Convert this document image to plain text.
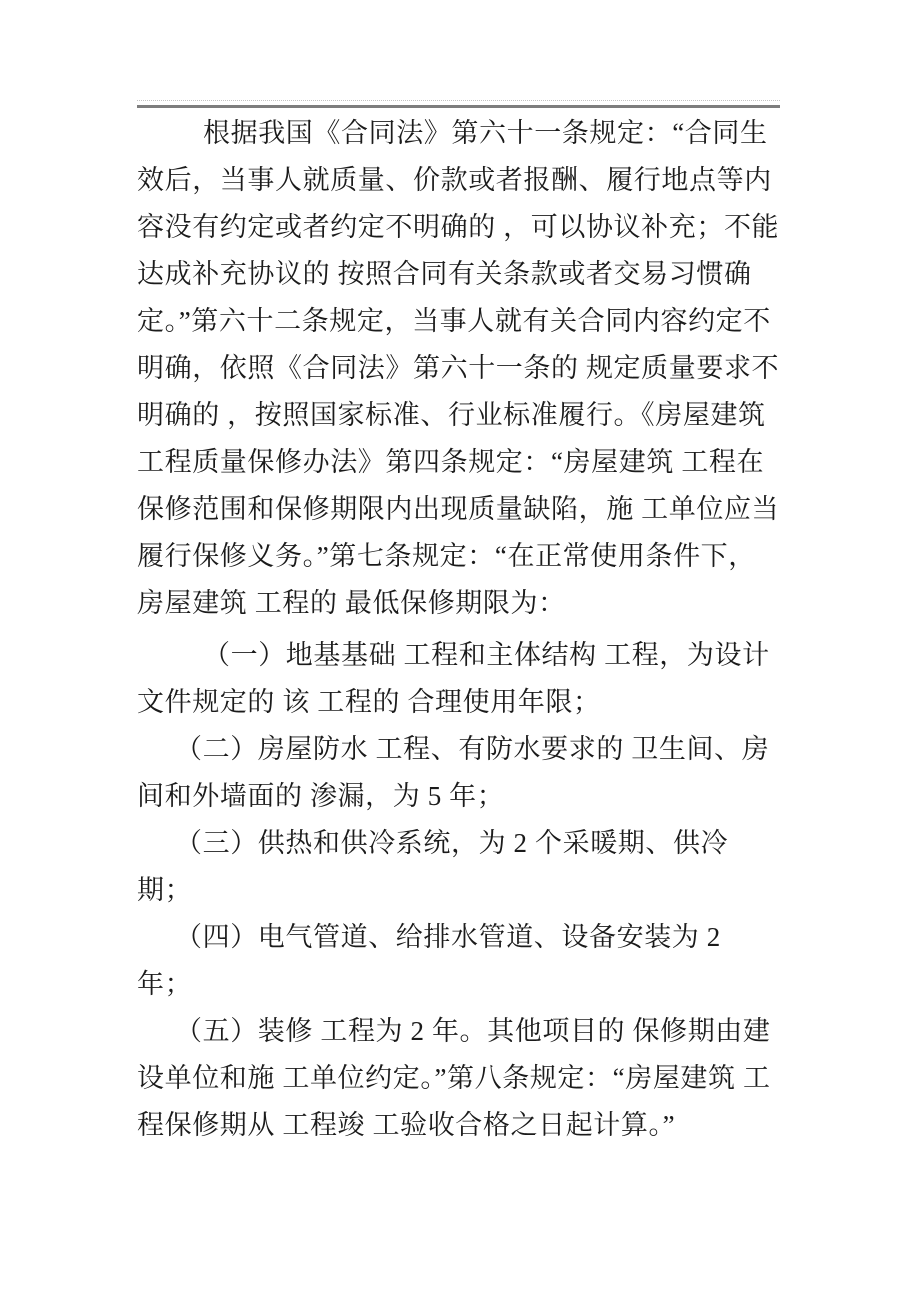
根据我国《合同法》第六十一条规定：“合同生效后，当事人就质量、价款或者报酬、履行地点等内容没有约定或者约定不明确的 ，可以协议补充；不能达成补充协议的 按照合同有关条款或者交易习惯确定。”第六十二条规定，当事人就有关合同内容约定不明确，依照《合同法》第六十一条的 规定质量要求不明确的 ，按照国家标准、行业标准履行。《房屋建筑 工程质量保修办法》第四条规定：“房屋建筑 工程在保修范围和保修期限内出现质量缺陷，施 工单位应当履行保修义务。”第七条规定：“在正常使用条件下，房屋建筑 工程的 最低保修期限为：

（一）地基基础 工程和主体结构 工程，为设计文件规定的 该 工程的 合理使用年限；

（二）房屋防水 工程、有防水要求的 卫生间、房间和外墙面的 渗漏，为 5 年；

（三）供热和供冷系统，为 2 个采暖期、供冷期；

（四）电气管道、给排水管道、设备安装为 2 年；

（五）装修 工程为 2 年。其他项目的 保修期由建设单位和施 工单位约定。”第八条规定：“房屋建筑 工程保修期从 工程竣 工验收合格之日起计算。”
